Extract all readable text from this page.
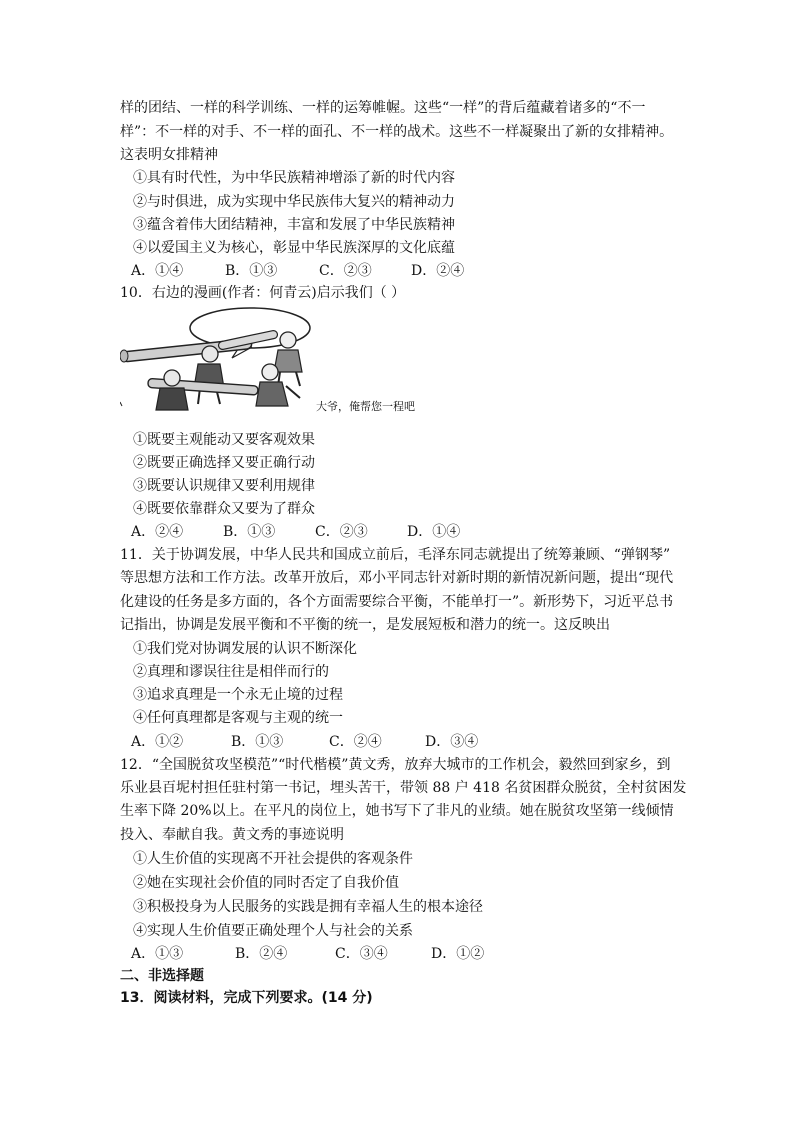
样的团结、一样的科学训练、一样的运筹帷幄。这些“一样”的背后蕴藏着诸多的“不一
样”：不一样的对手、不一样的面孔、不一样的战术。这些不一样凝聚出了新的女排精神。
这表明女排精神
①具有时代性，为中华民族精神增添了新的时代内容
②与时俱进，成为实现中华民族伟大复兴的精神动力
③蕴含着伟大团结精神，丰富和发展了中华民族精神
④以爱国主义为核心，彰显中华民族深厚的文化底蕴
A．①④	B．①③	C．②③	D．②④
10．右边的漫画(作者：何青云)启示我们（ ）
大爷，俺帮您一程吧
①既要主观能动又要客观效果
②既要正确选择又要正确行动
③既要认识规律又要利用规律
④既要依靠群众又要为了群众
A．②④	B．①③	C．②③	D．①④
11．关于协调发展，中华人民共和国成立前后，毛泽东同志就提出了统筹兼顾、“弹钢琴”
等思想方法和工作方法。改革开放后，邓小平同志针对新时期的新情况新问题，提出“现代
化建设的任务是多方面的，各个方面需要综合平衡，不能单打一”。新形势下，习近平总书
记指出，协调是发展平衡和不平衡的统一，是发展短板和潜力的统一。这反映出
①我们党对协调发展的认识不断深化
②真理和谬误往往是相伴而行的
③追求真理是一个永无止境的过程
④任何真理都是客观与主观的统一
A．①②	B．①③	C．②④	D．③④
12．“全国脱贫攻坚模范”“时代楷模”黄文秀，放弃大城市的工作机会，毅然回到家乡，到
乐业县百坭村担任驻村第一书记，埋头苦干，带领 88 户 418 名贫困群众脱贫，全村贫困发
生率下降 20%以上。在平凡的岗位上，她书写下了非凡的业绩。她在脱贫攻坚第一线倾情
投入、奉献自我。黄文秀的事迹说明
①人生价值的实现离不开社会提供的客观条件
②她在实现社会价值的同时否定了自我价值
③积极投身为人民服务的实践是拥有幸福人生的根本途径
④实现人生价值要正确处理个人与社会的关系
A．①③	B．②④	C．③④	D．①②
二、非选择题
13．阅读材料，完成下列要求。(14 分)
